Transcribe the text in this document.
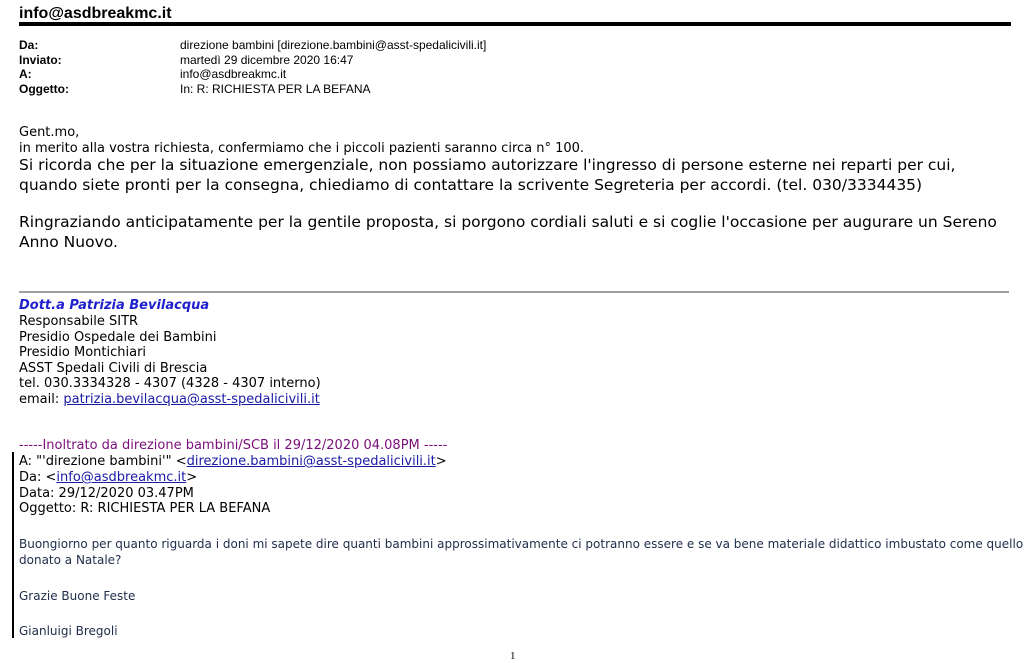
info@asdbreakmc.it
Da:	direzione bambini [direzione.bambini@asst-spedalicivili.it]
Inviato:	martedì 29 dicembre 2020 16:47
A:	info@asdbreakmc.it
Oggetto:	In: R: RICHIESTA PER LA BEFANA
Gent.mo,
in merito alla vostra richiesta, confermiamo che i piccoli pazienti saranno circa n° 100.
Si ricorda che per la situazione emergenziale, non possiamo autorizzare l'ingresso di persone esterne nei reparti per cui,
quando siete pronti per la consegna, chiediamo di contattare la scrivente Segreteria per accordi. (tel. 030/3334435)
Ringraziando anticipatamente per la gentile proposta, si porgono cordiali saluti e si coglie l'occasione per augurare un Sereno
Anno Nuovo.
Dott.a Patrizia Bevilacqua
Responsabile SITR
Presidio Ospedale dei Bambini
Presidio Montichiari
ASST Spedali Civili di Brescia
tel. 030.3334328 - 4307 (4328 - 4307 interno)
email: patrizia.bevilacqua@asst-spedalicivili.it
-----Inoltrato da direzione bambini/SCB il 29/12/2020 04.08PM -----
A: "'direzione bambini'" <direzione.bambini@asst-spedalicivili.it>
Da: <info@asdbreakmc.it>
Data: 29/12/2020 03.47PM
Oggetto: R: RICHIESTA PER LA BEFANA
Buongiorno per quanto riguarda i doni mi sapete dire quanti bambini approssimativamente ci potranno essere e se va bene materiale didattico imbustato come quello
donato a Natale?
Grazie Buone Feste
Gianluigi Bregoli
1
